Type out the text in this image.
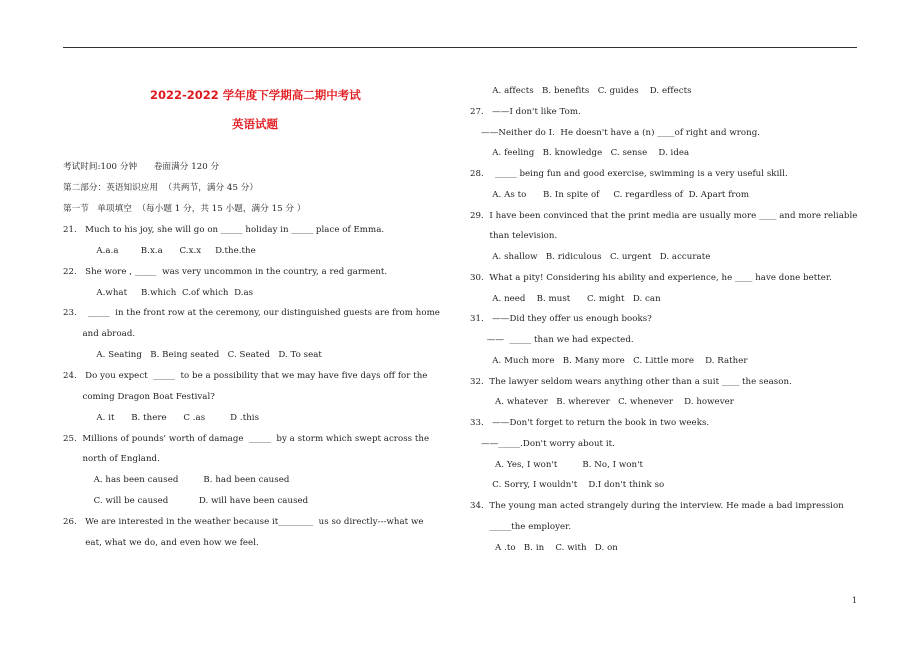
2022-2022 学年度下学期高二期中考试
英语试题
考试时间:100 分钟      卷面满分 120 分
第二部分：英语知识应用  （共两节，满分 45 分）
第一节   单项填空  （每小题 1 分，共 15 小题，满分 15 分 ）
21.   Much to his joy, she will go on _____ holiday in _____ place of Emma.
A.a.a        B.x.a      C.x.x     D.the.the
22.   She wore , _____  was very uncommon in the country, a red garment.
A.what     B.which  C.of which  D.as
23.    _____  in the front row at the ceremony, our distinguished guests are from home
and abroad.
A. Seating   B. Being seated   C. Seated   D. To seat
24.   Do you expect  _____  to be a possibility that we may have five days off for the
coming Dragon Boat Festival?
A. it      B. there      C .as         D .this
25.  Millions of pounds' worth of damage  _____  by a storm which swept across the
north of England.
A. has been caused         B. had been caused
C. will be caused           D. will have been caused
26.   We are interested in the weather because it________  us so directly---what we
eat, what we do, and even how we feel.
A. affects   B. benefits   C. guides    D. effects
27.   ——I don't like Tom.
——Neither do I.  He doesn't have a (n) ____of right and wrong.
A. feeling   B. knowledge   C. sense    D. idea
28.    _____ being fun and good exercise, swimming is a very useful skill.
A. As to      B. In spite of     C. regardless of  D. Apart from
29.  I have been convinced that the print media are usually more ____ and more reliable
than television.
A. shallow   B. ridiculous   C. urgent   D. accurate
30.  What a pity! Considering his ability and experience, he ____ have done better.
A. need    B. must      C. might   D. can
31.   ——Did they offer us enough books?
——  _____ than we had expected.
A. Much more   B. Many more   C. Little more    D. Rather
32.  The lawyer seldom wears anything other than a suit ____ the season.
A. whatever   B. wherever   C. whenever    D. however
33.   ——Don't forget to return the book in two weeks.
——_____.Don't worry about it.
A. Yes, I won't         B. No, I won't
C. Sorry, I wouldn't    D.I don't think so
34.  The young man acted strangely during the interview. He made a bad impression
_____the employer.
A .to   B. in    C. with   D. on
1
